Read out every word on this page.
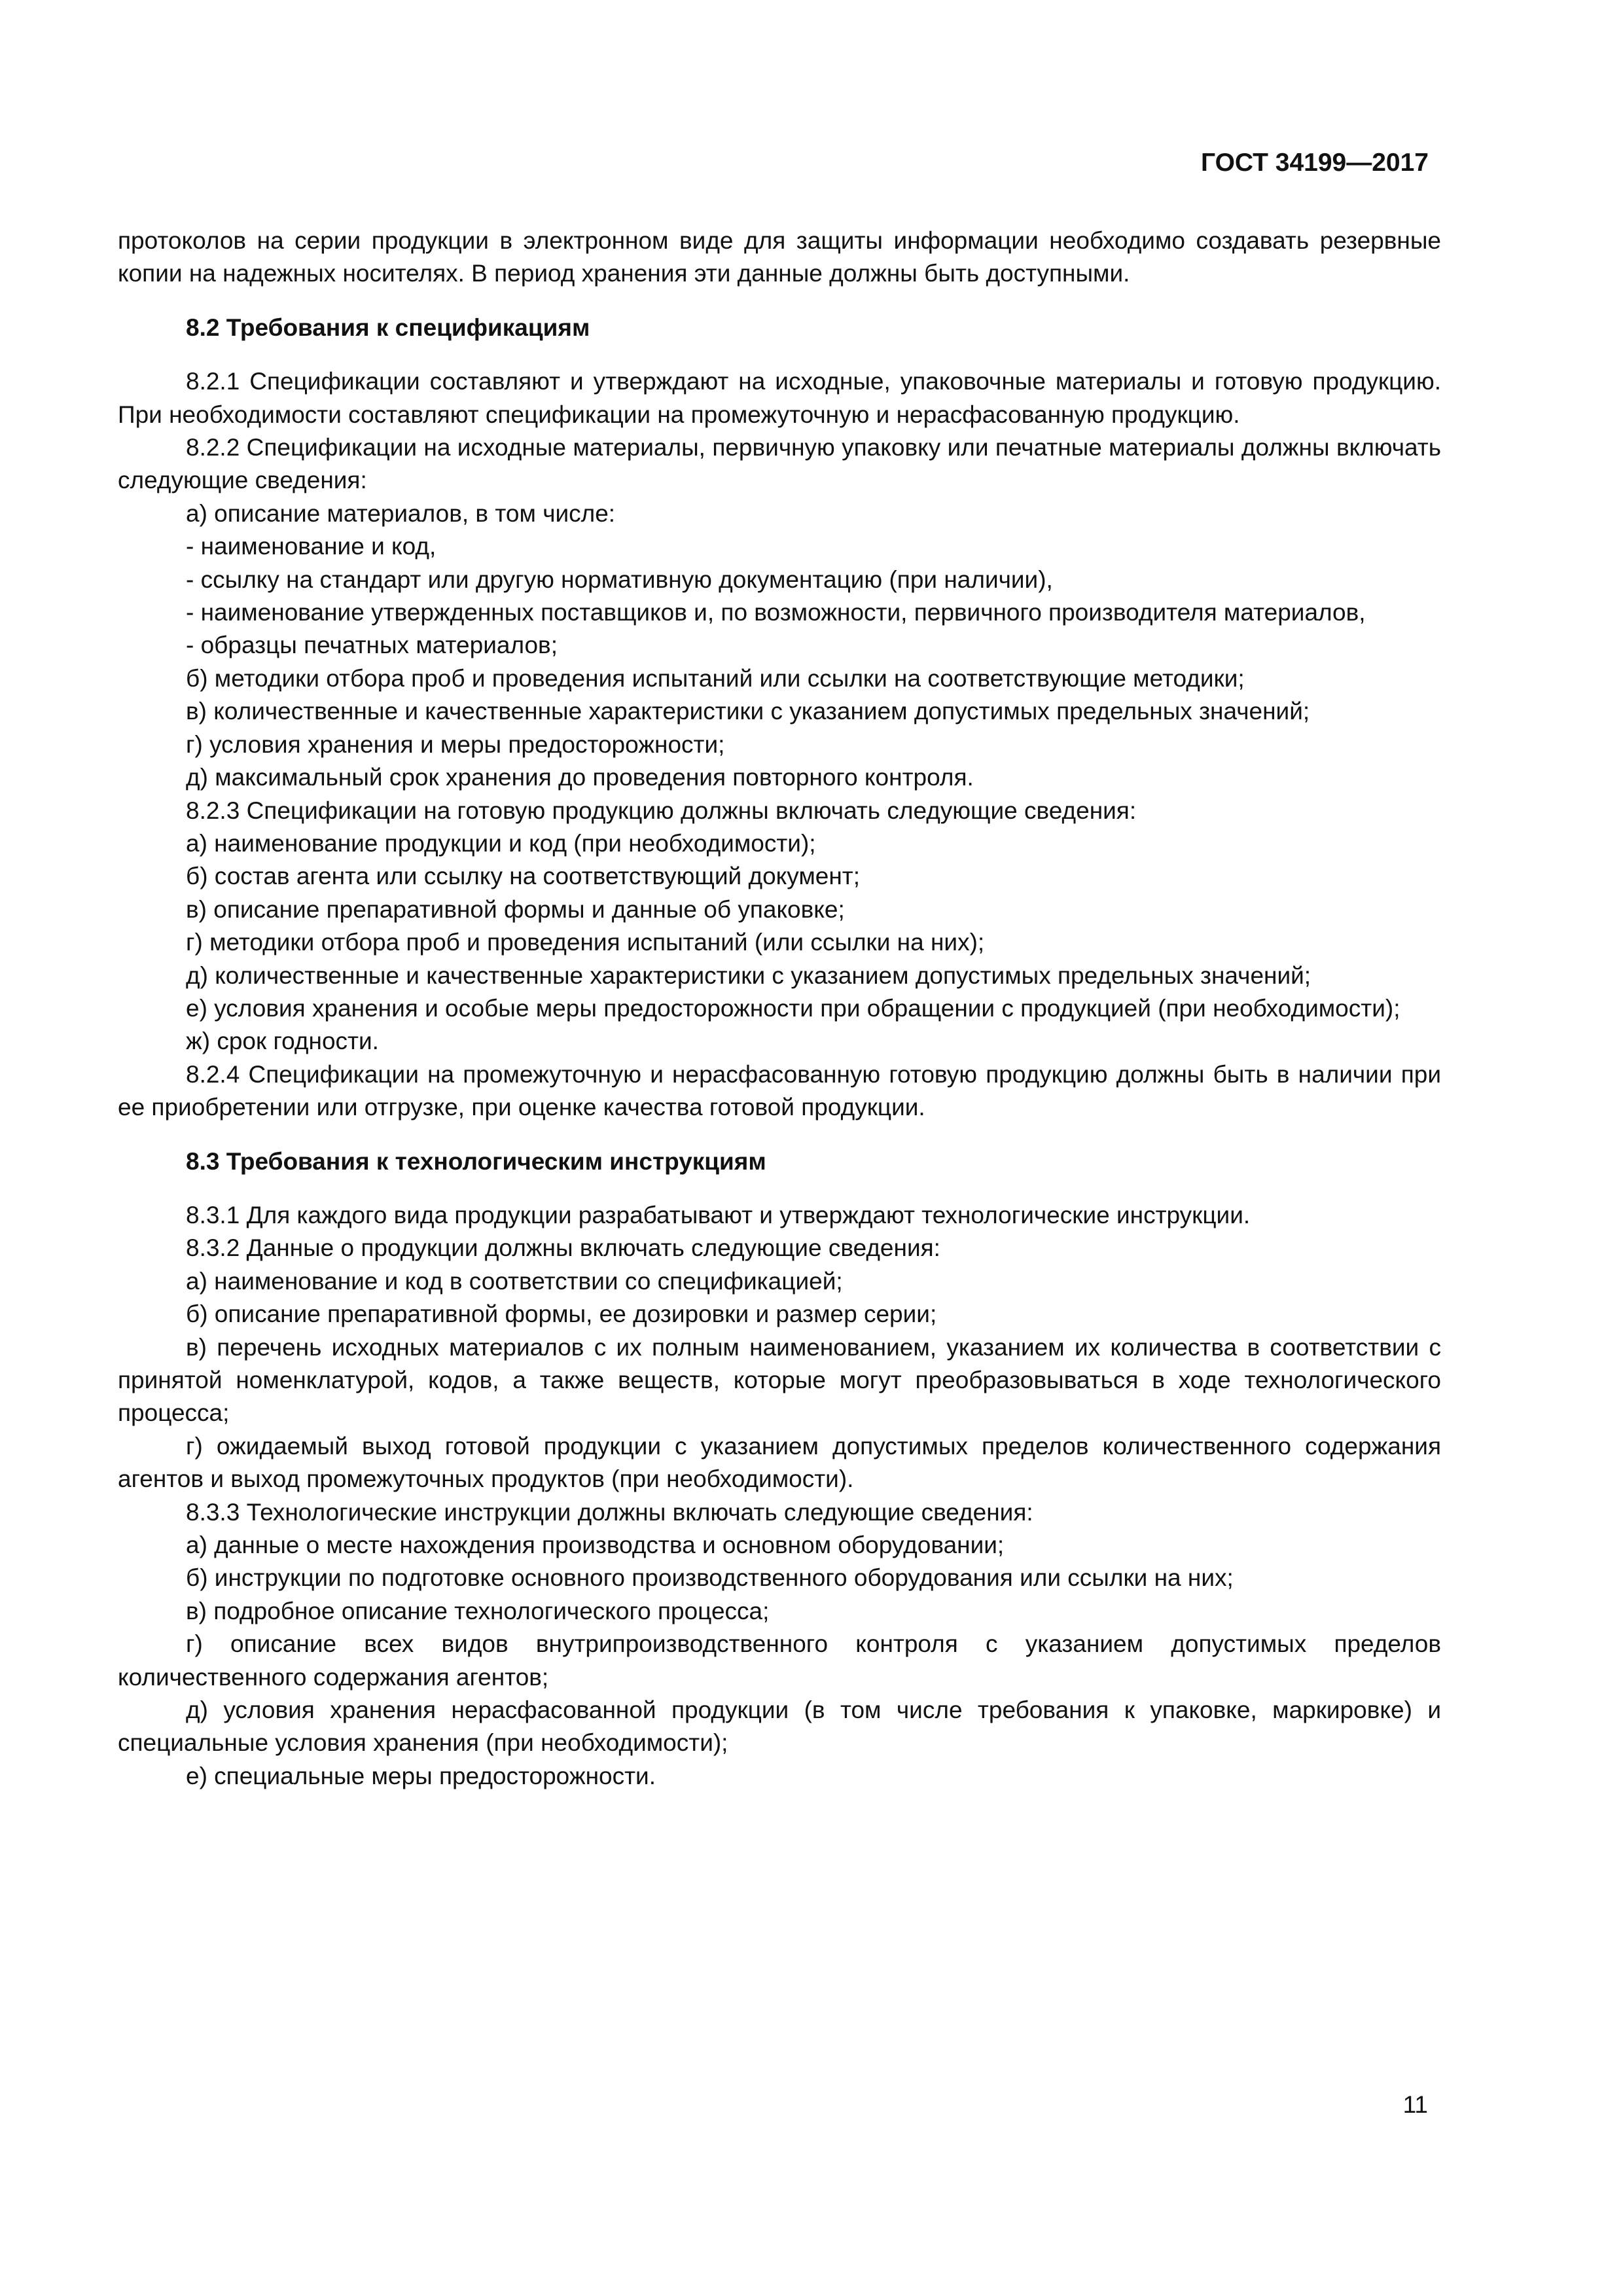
ГОСТ 34199—2017

протоколов на серии продукции в электронном виде для защиты информации необходимо создавать резервные копии на надежных носителях. В период хранения эти данные должны быть доступными.

8.2 Требования к спецификациям

8.2.1 Спецификации составляют и утверждают на исходные, упаковочные материалы и готовую продукцию. При необходимости составляют спецификации на промежуточную и нерасфасованную продукцию.

8.2.2 Спецификации на исходные материалы, первичную упаковку или печатные материалы должны включать следующие сведения:

а) описание материалов, в том числе:

- наименование и код,

- ссылку на стандарт или другую нормативную документацию (при наличии),

- наименование утвержденных поставщиков и, по возможности, первичного производителя материалов,

- образцы печатных материалов;

б) методики отбора проб и проведения испытаний или ссылки на соответствующие методики;

в) количественные и качественные характеристики с указанием допустимых предельных значений;

г) условия хранения и меры предосторожности;

д) максимальный срок хранения до проведения повторного контроля.

8.2.3 Спецификации на готовую продукцию должны включать следующие сведения:

а) наименование продукции и код (при необходимости);

б) состав агента или ссылку на соответствующий документ;

в) описание препаративной формы и данные об упаковке;

г) методики отбора проб и проведения испытаний (или ссылки на них);

д) количественные и качественные характеристики с указанием допустимых предельных значений;

е) условия хранения и особые меры предосторожности при обращении с продукцией (при необходимости);

ж) срок годности.

8.2.4 Спецификации на промежуточную и нерасфасованную готовую продукцию должны быть в наличии при ее приобретении или отгрузке, при оценке качества готовой продукции.

8.3 Требования к технологическим инструкциям

8.3.1 Для каждого вида продукции разрабатывают и утверждают технологические инструкции.

8.3.2 Данные о продукции должны включать следующие сведения:

а) наименование и код в соответствии со спецификацией;

б) описание препаративной формы, ее дозировки и размер серии;

в) перечень исходных материалов с их полным наименованием, указанием их количества в соответствии с принятой номенклатурой, кодов, а также веществ, которые могут преобразовываться в ходе технологического процесса;

г) ожидаемый выход готовой продукции с указанием допустимых пределов количественного содержания агентов и выход промежуточных продуктов (при необходимости).

8.3.3 Технологические инструкции должны включать следующие сведения:

а) данные о месте нахождения производства и основном оборудовании;

б) инструкции по подготовке основного производственного оборудования или ссылки на них;

в) подробное описание технологического процесса;

г) описание всех видов внутрипроизводственного контроля с указанием допустимых пределов количественного содержания агентов;

д) условия хранения нерасфасованной продукции (в том числе требования к упаковке, маркировке) и специальные условия хранения (при необходимости);

е) специальные меры предосторожности.

11
